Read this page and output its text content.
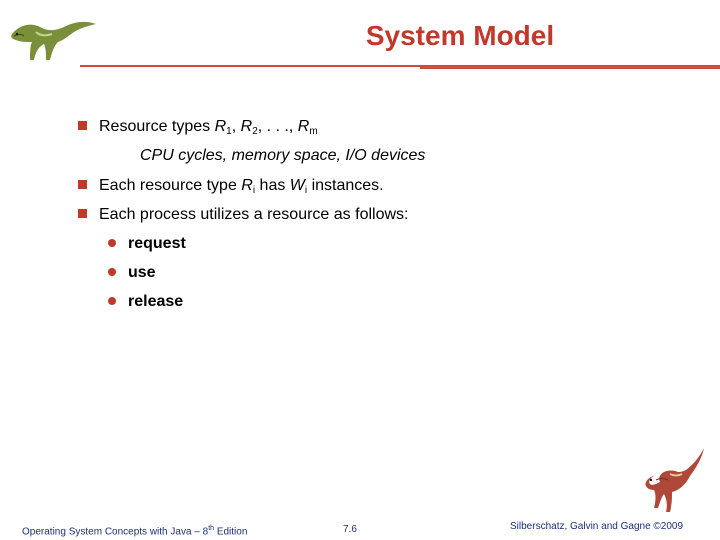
System Model
Resource types $R_1$, $R_2$, . . ., $R_m$
CPU cycles, memory space, I/O devices
Each resource type $R_i$ has $W_i$ instances.
Each process utilizes a resource as follows:
request
use
release
Operating System Concepts with Java – 8th Edition	7.6	Silberschatz, Galvin and Gagne ©2009
